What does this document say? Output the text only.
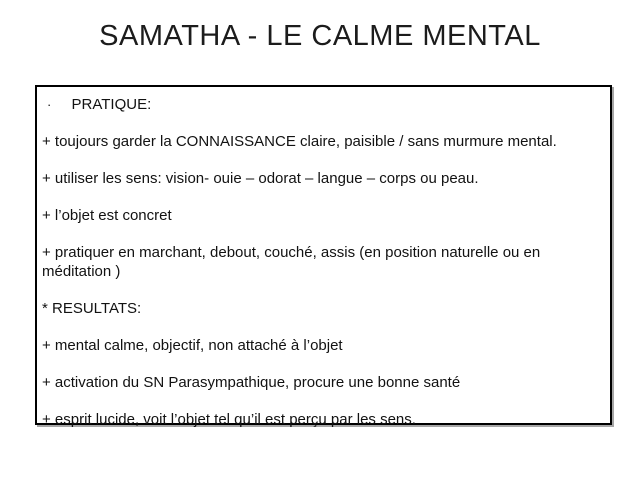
SAMATHA - LE CALME MENTAL

· PRATIQUE:

+ toujours garder la CONNAISSANCE claire, paisible / sans murmure mental.

+ utiliser les sens: vision- ouie – odorat – langue – corps ou peau.

+ l’objet est concret

+ pratiquer en marchant, debout, couché, assis (en position naturelle ou en méditation )

* RESULTATS:

+ mental calme, objectif, non attaché à l’objet

+ activation du SN Parasympathique, procure une bonne santé

+ esprit lucide, voit l’objet tel qu’il est perçu par les sens.
